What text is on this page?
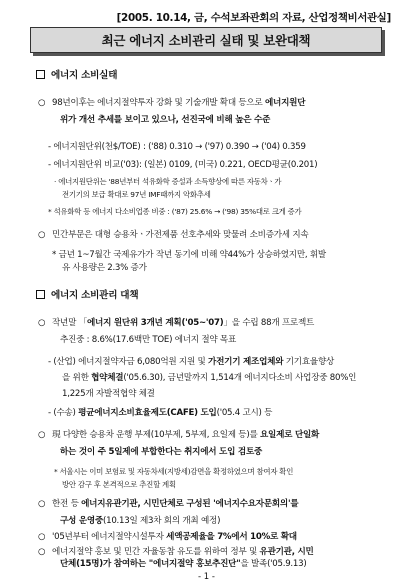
[2005. 10.14, 금, 수석보좌관회의 자료, 산업정책비서관실]
최근 에너지 소비관리 실태 및 보완대책
에너지 소비실태
○ 98년이후는 에너지절약투자 강화 및 기술개발 확대 등으로 에너지원단
위가 개선 추세를 보이고 있으나, 선진국에 비해 높은 수준
- 에너지원단위(천$/TOE) : ('88) 0.310 → ('97) 0.390 → ('04) 0.359
- 에너지원단위 비교('03): (일본) 0109, (미국) 0.221, OECD평균(0.201)
· 에너지원단위는 '88년부터 석유화학 증설과 소득향상에 따른 자동차ㆍ가
전기기의 보급 확대로 97년 IMF때까지 악화추세
* 석유화학 등 에너지 다소비업종 비중 : ('87) 25.6% → ('98) 35%대로 크게 증가
○ 민간부문은 대형 승용차ㆍ가전제품 선호추세와 맞물려 소비증가세 지속
* 금년 1~7월간 국제유가가 작년 동기에 비해 약44%가 상승하였지만, 휘발
유 사용량은 2.3% 증가
에너지 소비관리 대책
○ 작년말 「에너지 원단위 3개년 계획('05~'07)」을 수립 88개 프로젝트
추진중 : 8.6%(17.6백만 TOE) 에너지 절약 목표
- (산업) 에너지절약자금 6,080억원 지원 및 가전기기 제조업체와 기기효율향상
을 위한 협약체결('05.6.30), 금년말까지 1,514개 에너지다소비 사업장중 80%인
1,225개 자발적협약 체결
- (수송) 평균에너지소비효율제도(CAFE) 도입('05.4 고시) 등
○ 現 다양한 승용차 운행 부제(10부제, 5부제, 요일제 등)를 요일제로 단일화
하는 것이 주 5일제에 부합한다는 취지에서 도입 검토중
* 서울시는 이미 보험료 및 자동차세(지방세)감면을 확정하였으며 참여자 확인
방안 감구 후 본격적으로 추진할 계획
○ 한전 등 에너지유관기관, 시민단체로 구성된 '에너지수요자문회의'를
구성 운영중(10.13일 제3차 회의 개최 예정)
○ '05년부터 에너지절약시설투자 세액공제율을 7%에서 10%로 확대
○ 에너지절약 홍보 및 민간 자율동참 유도를 위하여 정부 및 유관기관, 시민
- 1 -
단체(15명)가 참여하는 "에너지절약 홍보추진단"을 발족('05.9.13)
